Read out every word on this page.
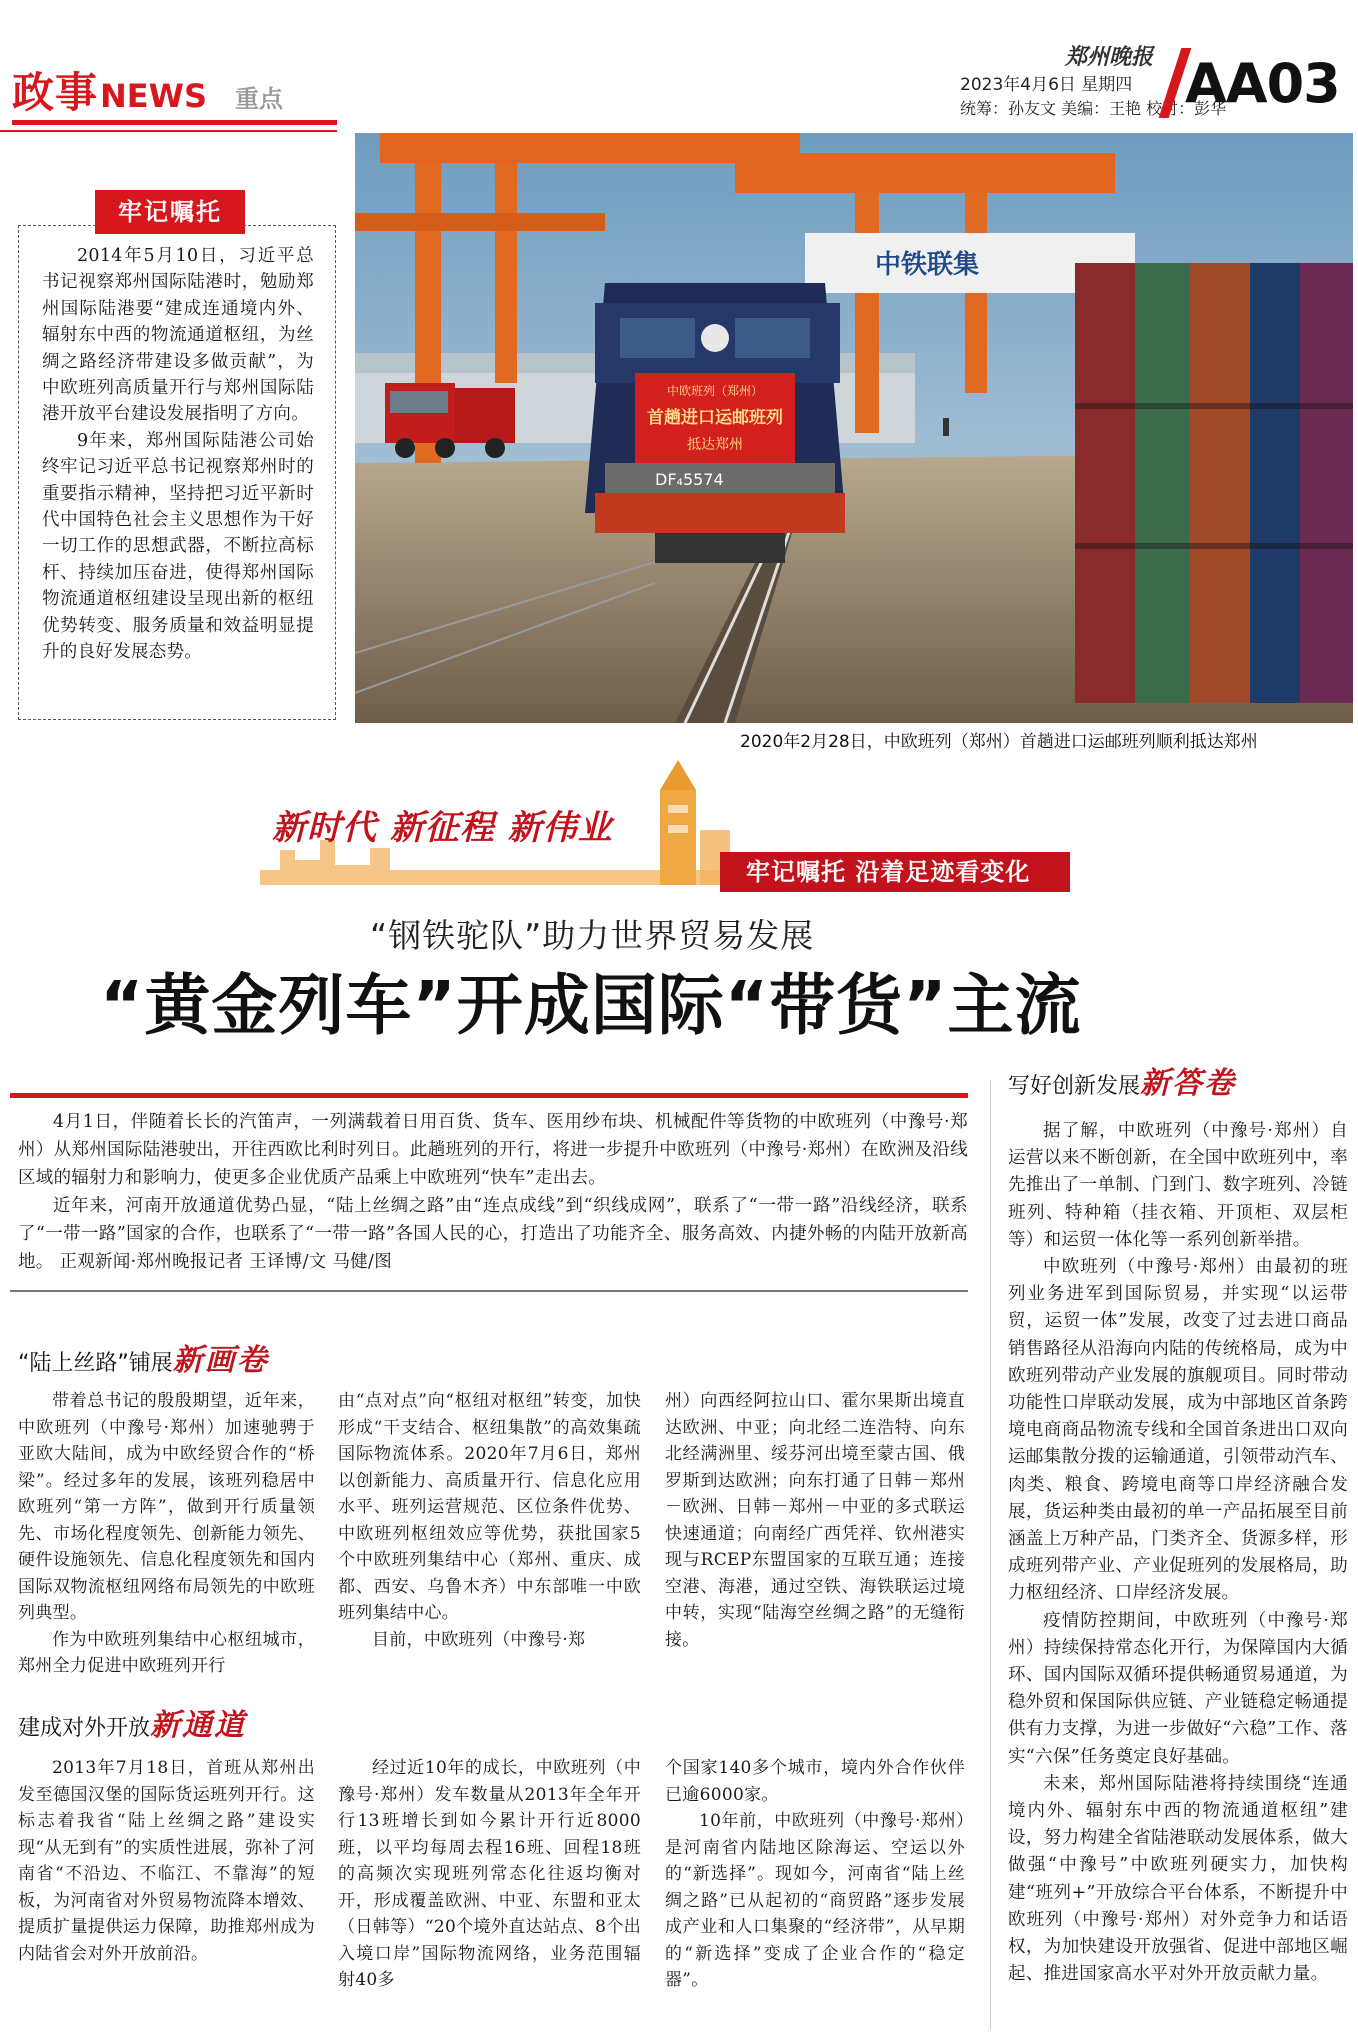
政事NEWS 重点
郑州晚报
2023年4月6日 星期四
统筹：孙友文 美编：王艳 校对：彭华
AA03
牢记嘱托

2014年5月10日，习近平总书记视察郑州国际陆港时，勉励郑州国际陆港要“建成连通境内外、辐射东中西的物流通道枢纽，为丝绸之路经济带建设多做贡献”，为中欧班列高质量开行与郑州国际陆港开放平台建设发展指明了方向。

9年来，郑州国际陆港公司始终牢记习近平总书记视察郑州时的重要指示精神，坚持把习近平新时代中国特色社会主义思想作为干好一切工作的思想武器，不断拉高标杆、持续加压奋进，使得郑州国际物流通道枢纽建设呈现出新的枢纽优势转变、服务质量和效益明显提升的良好发展态势。

中铁联集
中欧班列（郑州）
首趟进口运邮班列
抵达郑州
DF₄5574
2020年2月28日，中欧班列（郑州）首趟进口运邮班列顺利抵达郑州
新时代 新征程 新伟业
牢记嘱托 沿着足迹看变化
“钢铁驼队”助力世界贸易发展
“黄金列车”开成国际“带货”主流

4月1日，伴随着长长的汽笛声，一列满载着日用百货、货车、医用纱布块、机械配件等货物的中欧班列（中豫号·郑州）从郑州国际陆港驶出，开往西欧比利时列日。此趟班列的开行，将进一步提升中欧班列（中豫号·郑州）在欧洲及沿线区域的辐射力和影响力，使更多企业优质产品乘上中欧班列“快车”走出去。

近年来，河南开放通道优势凸显，“陆上丝绸之路”由“连点成线”到“织线成网”，联系了“一带一路”沿线经济，联系了“一带一路”国家的合作，也联系了“一带一路”各国人民的心，打造出了功能齐全、服务高效、内捷外畅的内陆开放新高地。 正观新闻·郑州晚报记者 王译博/文 马健/图

“陆上丝路”铺展新画卷

带着总书记的殷殷期望，近年来，中欧班列（中豫号·郑州）加速驰骋于亚欧大陆间，成为中欧经贸合作的“桥梁”。经过多年的发展，该班列稳居中欧班列“第一方阵”，做到开行质量领先、市场化程度领先、创新能力领先、硬件设施领先、信息化程度领先和国内国际双物流枢纽网络布局领先的中欧班列典型。

作为中欧班列集结中心枢纽城市，郑州全力促进中欧班列开行

由“点对点”向“枢纽对枢纽”转变，加快形成“干支结合、枢纽集散”的高效集疏国际物流体系。2020年7月6日，郑州以创新能力、高质量开行、信息化应用水平、班列运营规范、区位条件优势、中欧班列枢纽效应等优势，获批国家5个中欧班列集结中心（郑州、重庆、成都、西安、乌鲁木齐）中东部唯一中欧班列集结中心。

目前，中欧班列（中豫号·郑

州）向西经阿拉山口、霍尔果斯出境直达欧洲、中亚；向北经二连浩特、向东北经满洲里、绥芬河出境至蒙古国、俄罗斯到达欧洲；向东打通了日韩－郑州－欧洲、日韩－郑州－中亚的多式联运快速通道；向南经广西凭祥、钦州港实现与RCEP东盟国家的互联互通；连接空港、海港，通过空铁、海铁联运过境中转，实现“陆海空丝绸之路”的无缝衔接。

建成对外开放新通道

2013年7月18日，首班从郑州出发至德国汉堡的国际货运班列开行。这标志着我省“陆上丝绸之路”建设实现“从无到有”的实质性进展，弥补了河南省“不沿边、不临江、不靠海”的短板，为河南省对外贸易物流降本增效、提质扩量提供运力保障，助推郑州成为内陆省会对外开放前沿。

经过近10年的成长，中欧班列（中豫号·郑州）发车数量从2013年全年开行13班增长到如今累计开行近8000班，以平均每周去程16班、回程18班的高频次实现班列常态化往返均衡对开，形成覆盖欧洲、中亚、东盟和亚太（日韩等）“20个境外直达站点、8个出入境口岸”国际物流网络，业务范围辐射40多

个国家140多个城市，境内外合作伙伴已逾6000家。

10年前，中欧班列（中豫号·郑州）是河南省内陆地区除海运、空运以外的“新选择”。现如今，河南省“陆上丝绸之路”已从起初的“商贸路”逐步发展成产业和人口集聚的“经济带”，从早期的“新选择”变成了企业合作的“稳定器”。

写好创新发展新答卷

据了解，中欧班列（中豫号·郑州）自运营以来不断创新，在全国中欧班列中，率先推出了一单制、门到门、数字班列、冷链班列、特种箱（挂衣箱、开顶柜、双层柜等）和运贸一体化等一系列创新举措。

中欧班列（中豫号·郑州）由最初的班列业务进军到国际贸易，并实现“以运带贸，运贸一体”发展，改变了过去进口商品销售路径从沿海向内陆的传统格局，成为中欧班列带动产业发展的旗舰项目。同时带动功能性口岸联动发展，成为中部地区首条跨境电商商品物流专线和全国首条进出口双向运邮集散分拨的运输通道，引领带动汽车、肉类、粮食、跨境电商等口岸经济融合发展，货运种类由最初的单一产品拓展至目前涵盖上万种产品，门类齐全、货源多样，形成班列带产业、产业促班列的发展格局，助力枢纽经济、口岸经济发展。

疫情防控期间，中欧班列（中豫号·郑州）持续保持常态化开行，为保障国内大循环、国内国际双循环提供畅通贸易通道，为稳外贸和保国际供应链、产业链稳定畅通提供有力支撑，为进一步做好“六稳”工作、落实“六保”任务奠定良好基础。

未来，郑州国际陆港将持续围绕“连通境内外、辐射东中西的物流通道枢纽”建设，努力构建全省陆港联动发展体系，做大做强“中豫号”中欧班列硬实力，加快构建“班列+”开放综合平台体系，不断提升中欧班列（中豫号·郑州）对外竞争力和话语权，为加快建设开放强省、促进中部地区崛起、推进国家高水平对外开放贡献力量。
